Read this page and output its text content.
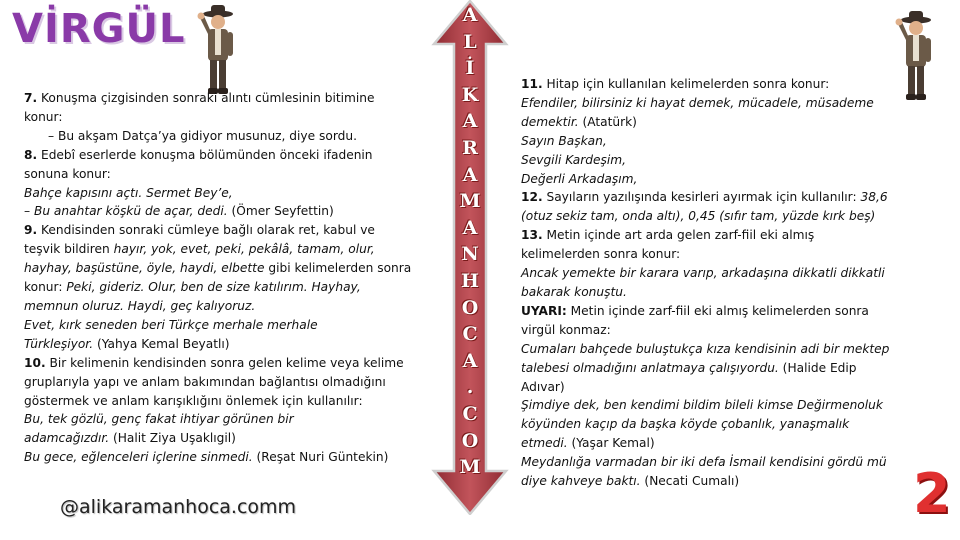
VİRGÜL

7. Konuşma çizgisinden sonraki alıntı cümlesinin bitimine

konur:

– Bu akşam Datça’ya gidiyor musunuz, diye sordu.

8. Edebî eserlerde konuşma bölümünden önceki ifadenin

sonuna konur:

Bahçe kapısını açtı. Sermet Bey’e,

– Bu anahtar köşkü de açar, dedi. (Ömer Seyfettin)

9. Kendisinden sonraki cümleye bağlı olarak ret, kabul ve

teşvik bildiren hayır, yok, evet, peki, pekâlâ, tamam, olur,

hayhay, başüstüne, öyle, haydi, elbette gibi kelimelerden sonra

konur: Peki, gideriz. Olur, ben de size katılırım. Hayhay,

memnun oluruz. Haydi, geç kalıyoruz.

Evet, kırk seneden beri Türkçe merhale merhale

Türkleşiyor. (Yahya Kemal Beyatlı)

10. Bir kelimenin kendisinden sonra gelen kelime veya kelime

gruplarıyla yapı ve anlam bakımından bağlantısı olmadığını

göstermek ve anlam karışıklığını önlemek için kullanılır:

Bu, tek gözlü, genç fakat ihtiyar görünen bir

adamcağızdır. (Halit Ziya Uşaklıgil)

Bu gece, eğlenceleri içlerine sinmedi. (Reşat Nuri Güntekin)

A
L
İ
K
A
R
A
M
A
N
H
O
C
A
.
C
O
M

11. Hitap için kullanılan kelimelerden sonra konur:

Efendiler, bilirsiniz ki hayat demek, mücadele, müsademe

demektir. (Atatürk)

Sayın Başkan,

Sevgili Kardeşim,

Değerli Arkadaşım,

12. Sayıların yazılışında kesirleri ayırmak için kullanılır: 38,6

(otuz sekiz tam, onda altı), 0,45 (sıfır tam, yüzde kırk beş)

13. Metin içinde art arda gelen zarf-fiil eki almış

kelimelerden sonra konur:

Ancak yemekte bir karara varıp, arkadaşına dikkatli dikkatli

bakarak konuştu.

UYARI: Metin içinde zarf-fiil eki almış kelimelerden sonra

virgül konmaz:

Cumaları bahçede buluştukça kıza kendisinin adi bir mektep

talebesi olmadığını anlatmaya çalışıyordu. (Halide Edip

Adıvar)

Şimdiye dek, ben kendimi bildim bileli kimse Değirmenoluk

köyünden kaçıp da başka köyde çobanlık, yanaşmalık

etmedi. (Yaşar Kemal)

Meydanlığa varmadan bir iki defa İsmail kendisini gördü mü

diye kahveye baktı. (Necati Cumalı)

@alikaramanhoca.comm	2
